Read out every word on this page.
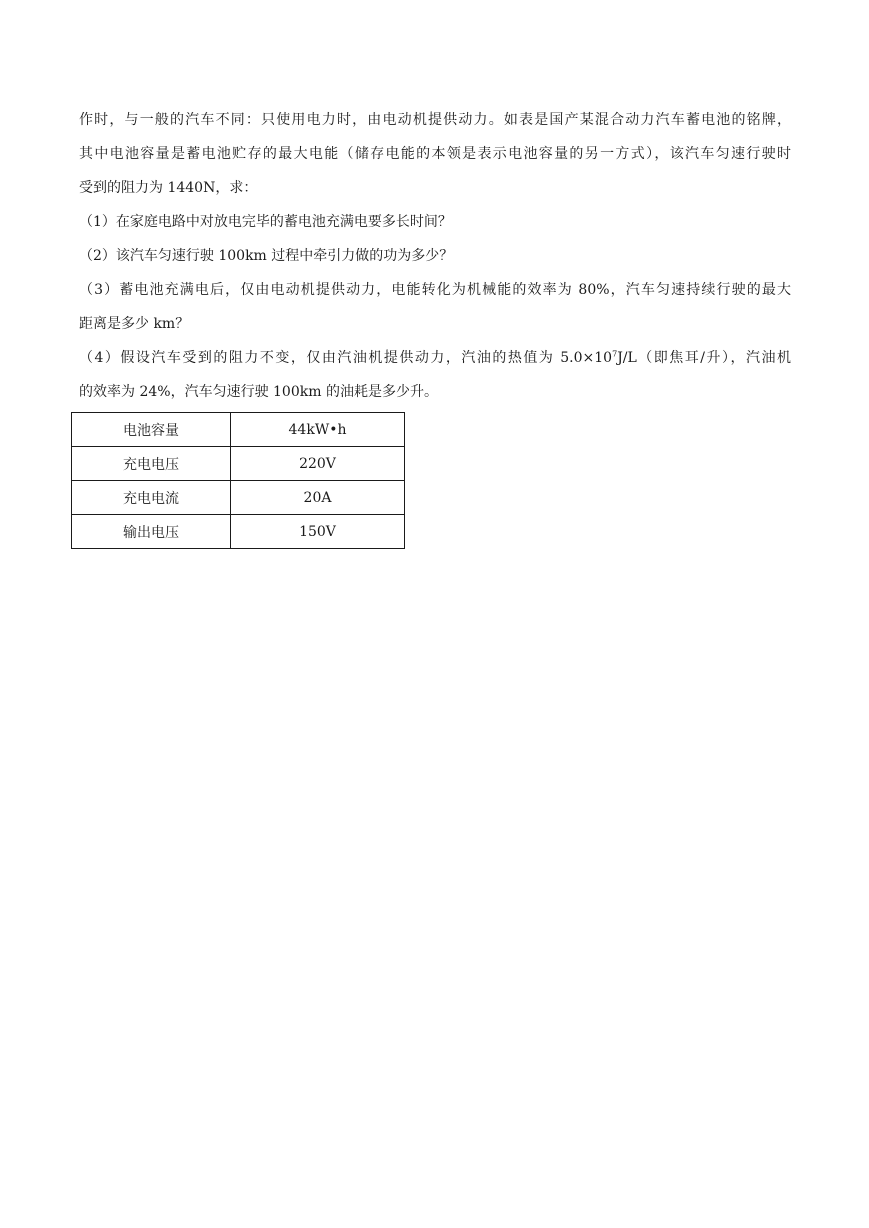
作时，与一般的汽车不同：只使用电力时，由电动机提供动力。如表是国产某混合动力汽车蓄电池的铭牌，
其中电池容量是蓄电池贮存的最大电能（储存电能的本领是表示电池容量的另一方式），该汽车匀速行驶时
受到的阻力为 1440N，求：
（1）在家庭电路中对放电完毕的蓄电池充满电要多长时间？
（2）该汽车匀速行驶 100km 过程中牵引力做的功为多少？
（3）蓄电池充满电后，仅由电动机提供动力，电能转化为机械能的效率为 80%，汽车匀速持续行驶的最大
距离是多少 km？
（4）假设汽车受到的阻力不变，仅由汽油机提供动力，汽油的热值为 $5.0\times 10^7J/L$（即焦耳/升），汽油机
的效率为 24%，汽车匀速行驶 100km 的油耗是多少升。
电池容量	44kW•h
充电电压	220V
充电电流	20A
输出电压	150V
